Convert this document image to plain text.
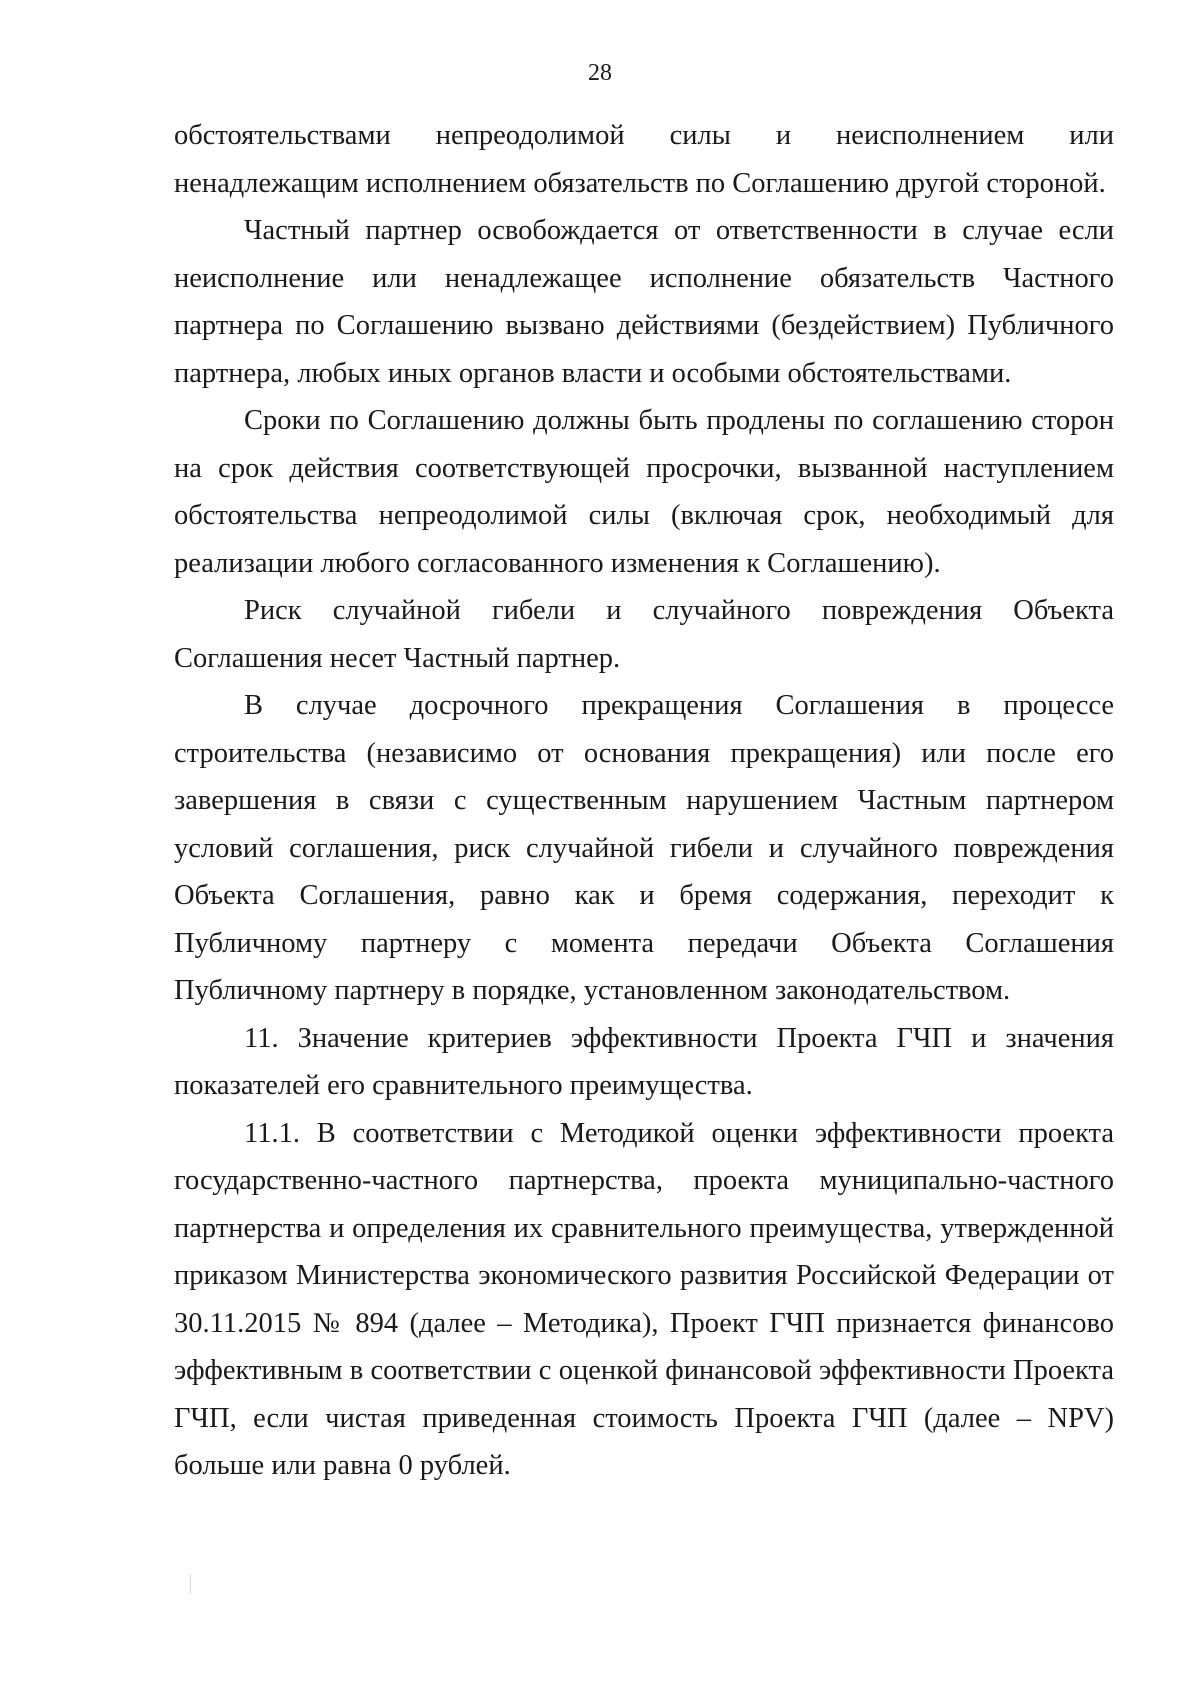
28

обстоятельствами непреодолимой силы и неисполнением или ненадлежащим исполнением обязательств по Соглашению другой стороной.

Частный партнер освобождается от ответственности в случае если неисполнение или ненадлежащее исполнение обязательств Частного партнера по Соглашению вызвано действиями (бездействием) Публичного партнера, любых иных органов власти и особыми обстоятельствами.

Сроки по Соглашению должны быть продлены по соглашению сторон на срок действия соответствующей просрочки, вызванной наступлением обстоятельства непреодолимой силы (включая срок, необходимый для реализации любого согласованного изменения к Соглашению).

Риск случайной гибели и случайного повреждения Объекта Соглашения несет Частный партнер.

В случае досрочного прекращения Соглашения в процессе строительства (независимо от основания прекращения) или после его завершения в связи с существенным нарушением Частным партнером условий соглашения, риск случайной гибели и случайного повреждения Объекта Соглашения, равно как и бремя содержания, переходит к Публичному партнеру с момента передачи Объекта Соглашения Публичному партнеру в порядке, установленном законодательством.

11. Значение критериев эффективности Проекта ГЧП и значения показателей его сравнительного преимущества.

11.1. В соответствии с Методикой оценки эффективности проекта государственно-частного партнерства, проекта муниципально-частного партнерства и определения их сравнительного преимущества, утвержденной приказом Министерства экономического развития Российской Федерации от 30.11.2015 № 894 (далее – Методика), Проект ГЧП признается финансово эффективным в соответствии с оценкой финансовой эффективности Проекта ГЧП, если чистая приведенная стоимость Проекта ГЧП (далее – NPV) больше или равна 0 рублей.
